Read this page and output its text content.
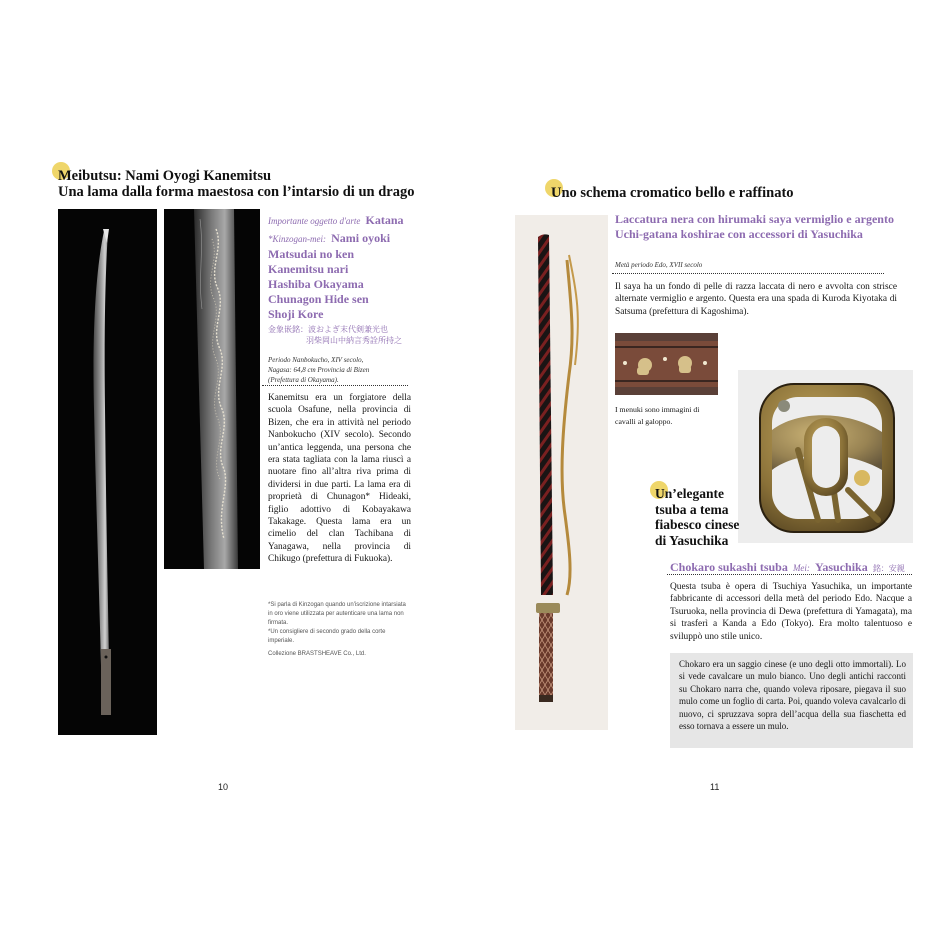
Meibutsu: Nami Oyogi Kanemitsu
Una lama dalla forma maestosa con l’intarsio di un drago
Importante oggetto d'arte Katana
*Kinzogan-mei: Nami oyoki
Matsudai no ken
Kanemitsu nari
Hashiba Okayama
Chunagon Hide sen
Shoji Kore
金象嵌銘：波およぎ末代剣兼光也
羽柴岡山中納言秀詮所持之
Periodo Nanbokucho, XIV secolo,
Nagasa: 64,8 cm Provincia di Bizen
(Prefettura di Okayama).
Kanemitsu era un forgiatore della scuola Osafune, nella provincia di Bizen, che era in attività nel periodo Nanbokucho (XIV secolo). Secondo un’antica leggenda, una persona che era stata tagliata con la lama riuscì a nuotare fino all’altra riva prima di dividersi in due parti. La lama era di proprietà di Chunagon* Hideaki, figlio adottivo di Kobayakawa Takakage. Questa lama era un cimelio del clan Tachibana di Yanagawa, nella provincia di Chikugo (prefettura di Fukuoka).
*Si parla di Kinzogan quando un'iscrizione intarsiata in oro viene utilizzata per autenticare una lama non firmata.
*Un consigliere di secondo grado della corte imperiale.
Collezione BRASTSHEAVE Co., Ltd.
10
Uno schema cromatico bello e raffinato
Laccatura nera con hirumaki saya vermiglio e argento
Uchi-gatana koshirae con accessori di Yasuchika
Metà periodo Edo, XVII secolo
Il saya ha un fondo di pelle di razza laccata di nero e avvolta con strisce alternate vermiglio e argento. Questa era una spada di Kuroda Kiyotaka di Satsuma (prefettura di Kagoshima).
I menuki sono immagini di cavalli al galoppo.
Un’elegante
tsuba a tema
fiabesco cinese
di Yasuchika
Chokaro sukashi tsuba Mei: Yasuchika 銘：安親
Questa tsuba è opera di Tsuchiya Yasuchika, un importante fabbricante di accessori della metà del periodo Edo. Nacque a Tsuruoka, nella provincia di Dewa (prefettura di Yamagata), ma si trasferì a Kanda a Edo (Tokyo). Era molto talentuoso e sviluppò uno stile unico.
Chokaro era un saggio cinese (e uno degli otto immortali). Lo si vede cavalcare un mulo bianco. Uno degli antichi racconti su Chokaro narra che, quando voleva riposare, piegava il suo mulo come un foglio di carta. Poi, quando voleva cavalcarlo di nuovo, ci spruzzava sopra dell’acqua della sua fiaschetta ed esso tornava a essere un mulo.
11
